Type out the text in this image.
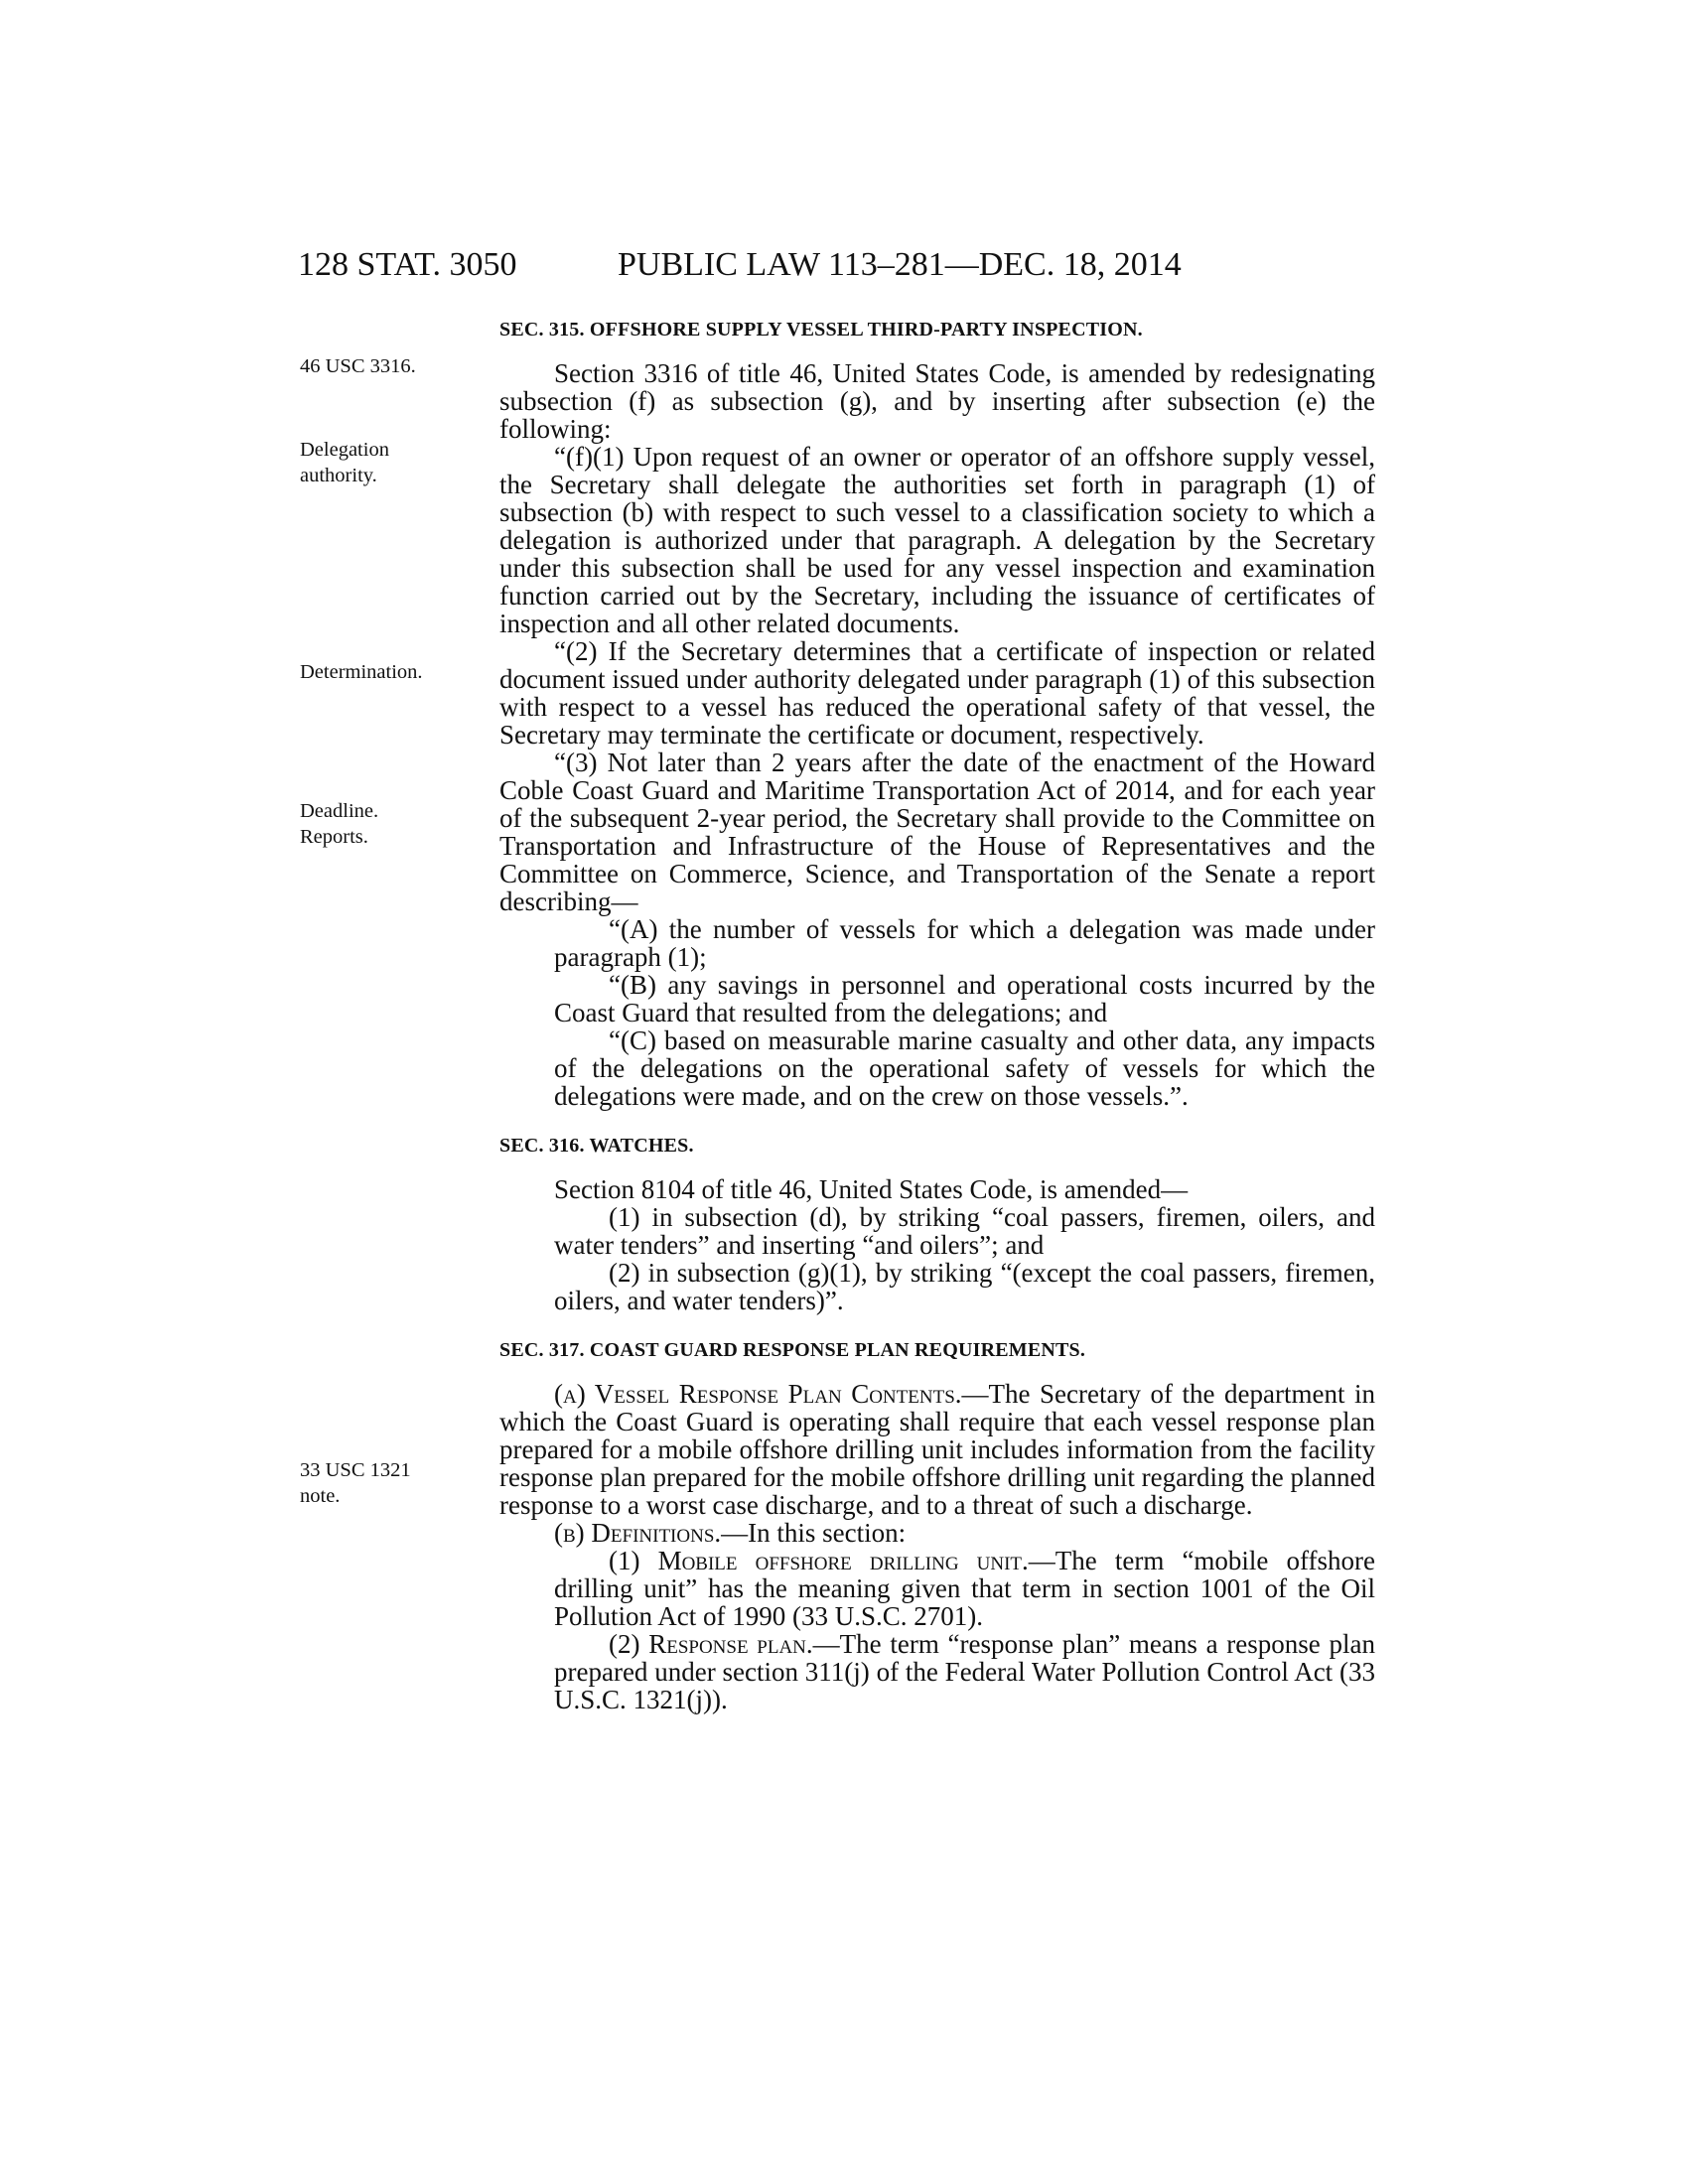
128 STAT. 3050	PUBLIC LAW 113–281—DEC. 18, 2014
46 USC 3316.
Delegation authority.
Determination.
Deadline.
Reports.
33 USC 1321
note.

SEC. 315. OFFSHORE SUPPLY VESSEL THIRD-PARTY INSPECTION.

Section 3316 of title 46, United States Code, is amended by redesignating subsection (f) as subsection (g), and by inserting after subsection (e) the following:

“(f)(1) Upon request of an owner or operator of an offshore supply vessel, the Secretary shall delegate the authorities set forth in paragraph (1) of subsection (b) with respect to such vessel to a classification society to which a delegation is authorized under that paragraph. A delegation by the Secretary under this subsection shall be used for any vessel inspection and examination function carried out by the Secretary, including the issuance of certificates of inspection and all other related documents.

“(2) If the Secretary determines that a certificate of inspection or related document issued under authority delegated under paragraph (1) of this subsection with respect to a vessel has reduced the operational safety of that vessel, the Secretary may terminate the certificate or document, respectively.

“(3) Not later than 2 years after the date of the enactment of the Howard Coble Coast Guard and Maritime Transportation Act of 2014, and for each year of the subsequent 2-year period, the Secretary shall provide to the Committee on Transportation and Infrastructure of the House of Representatives and the Committee on Commerce, Science, and Transportation of the Senate a report describing—

“(A) the number of vessels for which a delegation was made under paragraph (1);

“(B) any savings in personnel and operational costs incurred by the Coast Guard that resulted from the delegations; and

“(C) based on measurable marine casualty and other data, any impacts of the delegations on the operational safety of vessels for which the delegations were made, and on the crew on those vessels.”.

SEC. 316. WATCHES.

Section 8104 of title 46, United States Code, is amended—

(1) in subsection (d), by striking “coal passers, firemen, oilers, and water tenders” and inserting “and oilers”; and

(2) in subsection (g)(1), by striking “(except the coal passers, firemen, oilers, and water tenders)”.

SEC. 317. COAST GUARD RESPONSE PLAN REQUIREMENTS.

(a) Vessel Response Plan Contents.—The Secretary of the department in which the Coast Guard is operating shall require that each vessel response plan prepared for a mobile offshore drilling unit includes information from the facility response plan prepared for the mobile offshore drilling unit regarding the planned response to a worst case discharge, and to a threat of such a discharge.

(b) Definitions.—In this section:

(1) Mobile offshore drilling unit.—The term “mobile offshore drilling unit” has the meaning given that term in section 1001 of the Oil Pollution Act of 1990 (33 U.S.C. 2701).

(2) Response plan.—The term “response plan” means a response plan prepared under section 311(j) of the Federal Water Pollution Control Act (33 U.S.C. 1321(j)).
